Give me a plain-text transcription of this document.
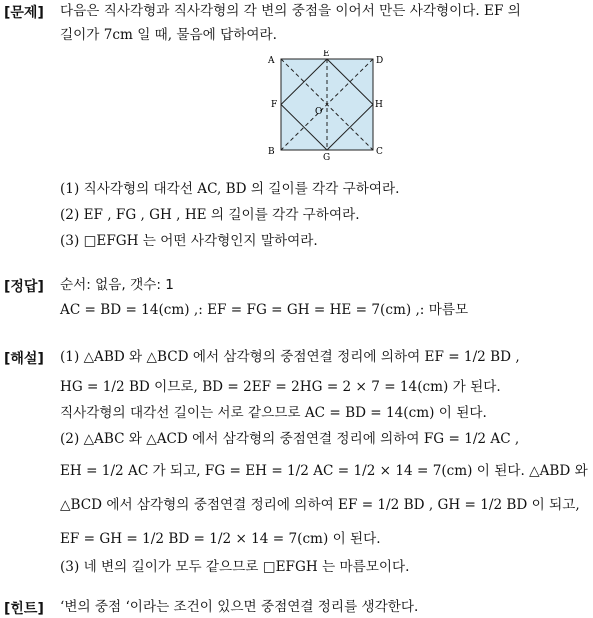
[문제] 다음은 직사각형과 직사각형의 각 변의 중점을 이어서 만든 사각형이다. EF 의
길이가 7cm 일 때, 물음에 답하여라.
A	D
B	C
E
G
F	H
O
(1) 직사각형의 대각선 AC, BD 의 길이를 각각 구하여라.
(2) EF , FG , GH , HE 의 길이를 각각 구하여라.
(3) □EFGH 는 어떤 사각형인지 말하여라.
[정답] 순서: 없음, 갯수: 1
AC = BD = 14(cm) ,: EF = FG = GH = HE = 7(cm) ,: 마름모
[해설] (1) △ABD 와 △BCD 에서 삼각형의 중점연결 정리에 의하여 EF = 1/2 BD ,
HG = 1/2 BD 이므로, BD = 2EF = 2HG = 2 × 7 = 14(cm) 가 된다.
직사각형의 대각선 길이는 서로 같으므로 AC = BD = 14(cm) 이 된다.
(2) △ABC 와 △ACD 에서 삼각형의 중점연결 정리에 의하여 FG = 1/2 AC ,
EH = 1/2 AC 가 되고, FG = EH = 1/2 AC = 1/2 × 14 = 7(cm) 이 된다. △ABD 와
△BCD 에서 삼각형의 중점연결 정리에 의하여 EF = 1/2 BD , GH = 1/2 BD 이 되고,
EF = GH = 1/2 BD = 1/2 × 14 = 7(cm) 이 된다.
(3) 네 변의 길이가 모두 같으므로 □EFGH 는 마름모이다.
[힌트] ‘변의 중점 ‘이라는 조건이 있으면 중점연결 정리를 생각한다.
